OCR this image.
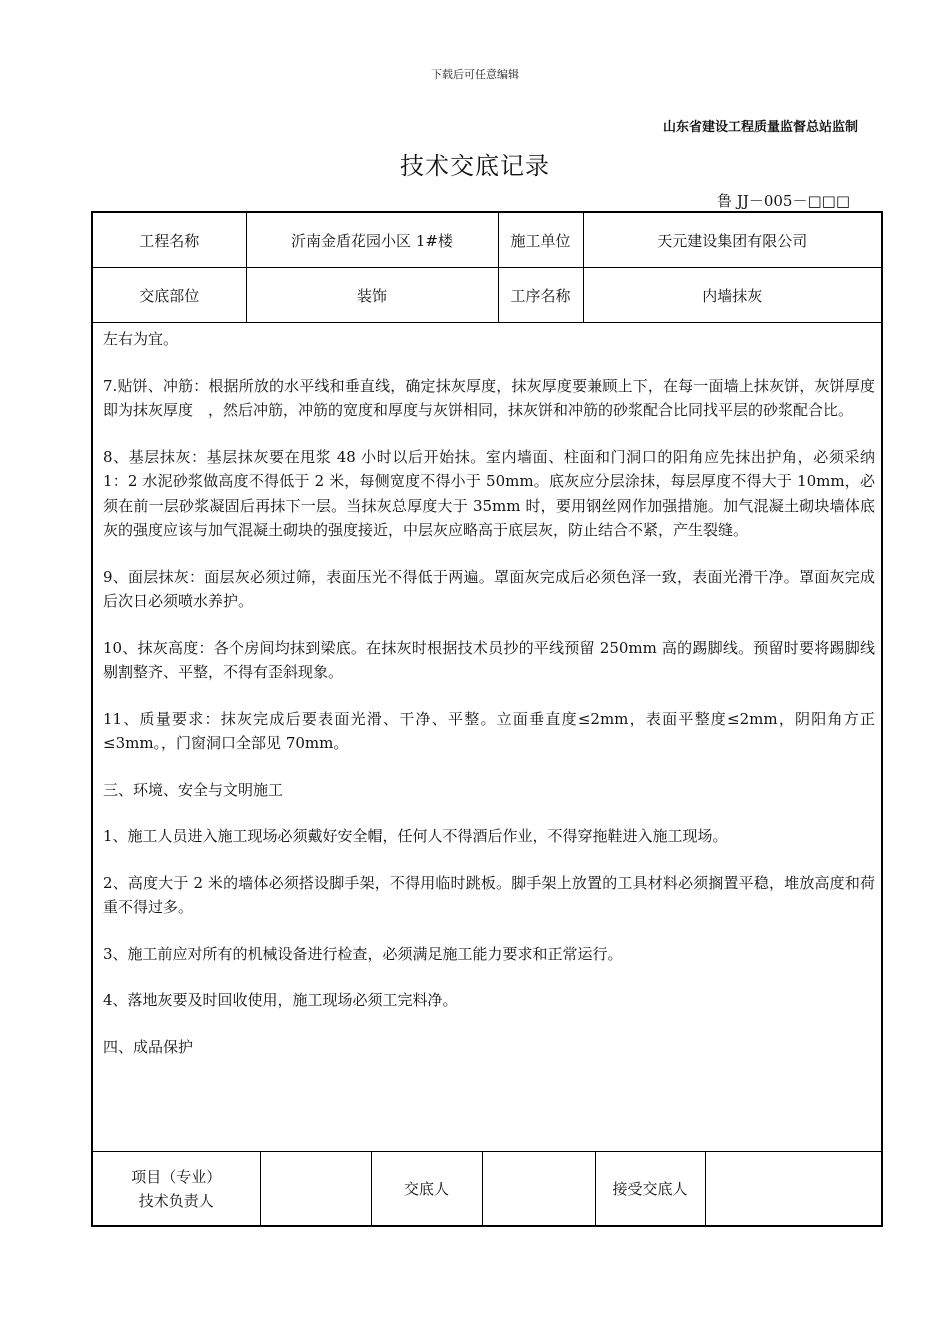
下载后可任意编辑
山东省建设工程质量监督总站监制
技术交底记录
鲁 JJ－005－□□□
工程名称	沂南金盾花园小区 1#楼	施工单位	天元建设集团有限公司
交底部位	装饰	工序名称	内墙抹灰

左右为宜。

7.贴饼、冲筋：根据所放的水平线和垂直线，确定抹灰厚度，抹灰厚度要兼顾上下，在每一面墙上抹灰饼，灰饼厚度即为抹灰厚度　，然后冲筋，冲筋的宽度和厚度与灰饼相同，抹灰饼和冲筋的砂浆配合比同找平层的砂浆配合比。

8、基层抹灰：基层抹灰要在甩浆 48 小时以后开始抹。室内墙面、柱面和门洞口的阳角应先抹出护角，必须采纳 1：2 水泥砂浆做高度不得低于 2 米，每侧宽度不得小于 50mm。底灰应分层涂抹，每层厚度不得大于 10mm，必须在前一层砂浆凝固后再抹下一层。当抹灰总厚度大于 35mm 时，要用钢丝网作加强措施。加气混凝土砌块墙体底灰的强度应该与加气混凝土砌块的强度接近，中层灰应略高于底层灰，防止结合不紧，产生裂缝。

9、面层抹灰：面层灰必须过筛，表面压光不得低于两遍。罩面灰完成后必须色泽一致，表面光滑干净。罩面灰完成后次日必须喷水养护。

10、抹灰高度：各个房间均抹到梁底。在抹灰时根据技术员抄的平线预留 250mm 高的踢脚线。预留时要将踢脚线剔割整齐、平整，不得有歪斜现象。

11、质量要求：抹灰完成后要表面光滑、干净、平整。立面垂直度≤2mm，表面平整度≤2mm，阴阳角方正≤3mm。，门窗洞口全部见 70mm。

三、环境、安全与文明施工

1、施工人员进入施工现场必须戴好安全帽，任何人不得酒后作业，不得穿拖鞋进入施工现场。

2、高度大于 2 米的墙体必须搭设脚手架，不得用临时跳板。脚手架上放置的工具材料必须搁置平稳，堆放高度和荷重不得过多。

3、施工前应对所有的机械设备进行检查，必须满足施工能力要求和正常运行。

4、落地灰要及时回收使用，施工现场必须工完料净。

四、成品保护

项目（专业）
技术负责人
		交底人		接受交底人	
